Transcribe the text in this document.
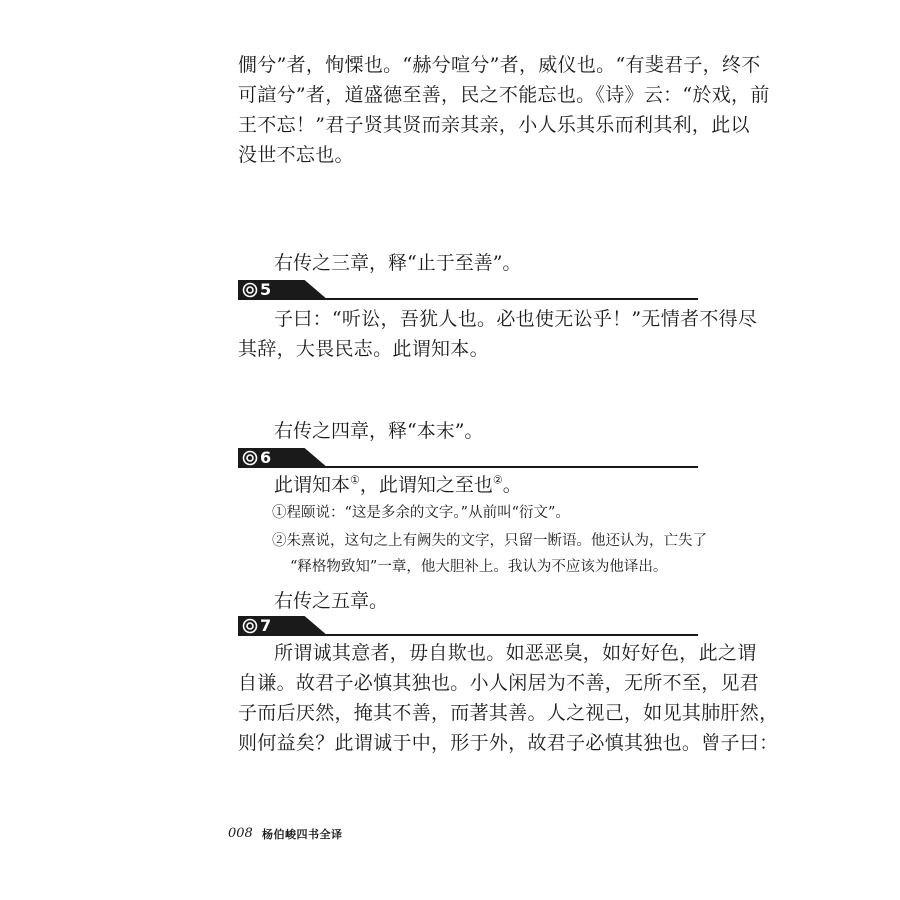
僩兮”者，恂慄也。“赫兮喧兮”者，威仪也。“有斐君子，终不
可諠兮”者，道盛德至善，民之不能忘也。《诗》云：“於戏，前
王不忘！”君子贤其贤而亲其亲，小人乐其乐而利其利，此以
没世不忘也。
右传之三章，释“止于至善”。
5
子曰：“听讼，吾犹人也。必也使无讼乎！”无情者不得尽
其辞，大畏民志。此谓知本。
右传之四章，释“本末”。
6
此谓知本①，此谓知之至也②。
①程颐说：“这是多余的文字。”从前叫“衍文”。
②朱熹说，这句之上有阙失的文字，只留一断语。他还认为，亡失了
“释格物致知”一章，他大胆补上。我认为不应该为他译出。
右传之五章。
7
所谓诚其意者，毋自欺也。如恶恶臭，如好好色，此之谓
自谦。故君子必慎其独也。小人闲居为不善，无所不至，见君
子而后厌然，掩其不善，而著其善。人之视己，如见其肺肝然，
则何益矣？此谓诚于中，形于外，故君子必慎其独也。曾子曰：
008 杨伯峻四书全译
